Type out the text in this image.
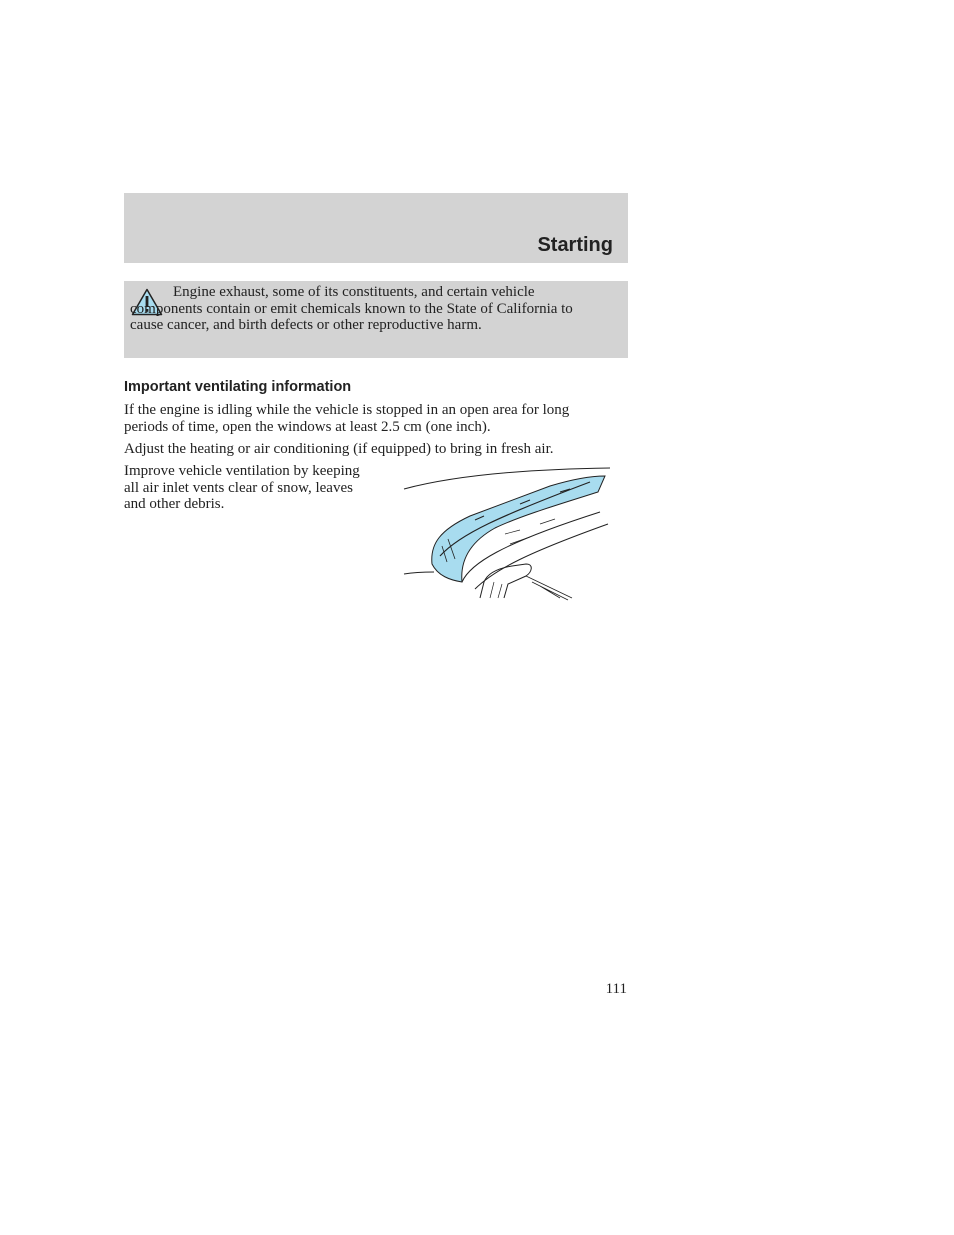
Starting
Engine exhaust, some of its constituents, and certain vehicle components contain or emit chemicals known to the State of California to cause cancer, and birth defects or other reproductive harm.
Important ventilating information
If the engine is idling while the vehicle is stopped in an open area for long periods of time, open the windows at least 2.5 cm (one inch).
Adjust the heating or air conditioning (if equipped) to bring in fresh air.
Improve vehicle ventilation by keeping all air inlet vents clear of snow, leaves and other debris.
111
